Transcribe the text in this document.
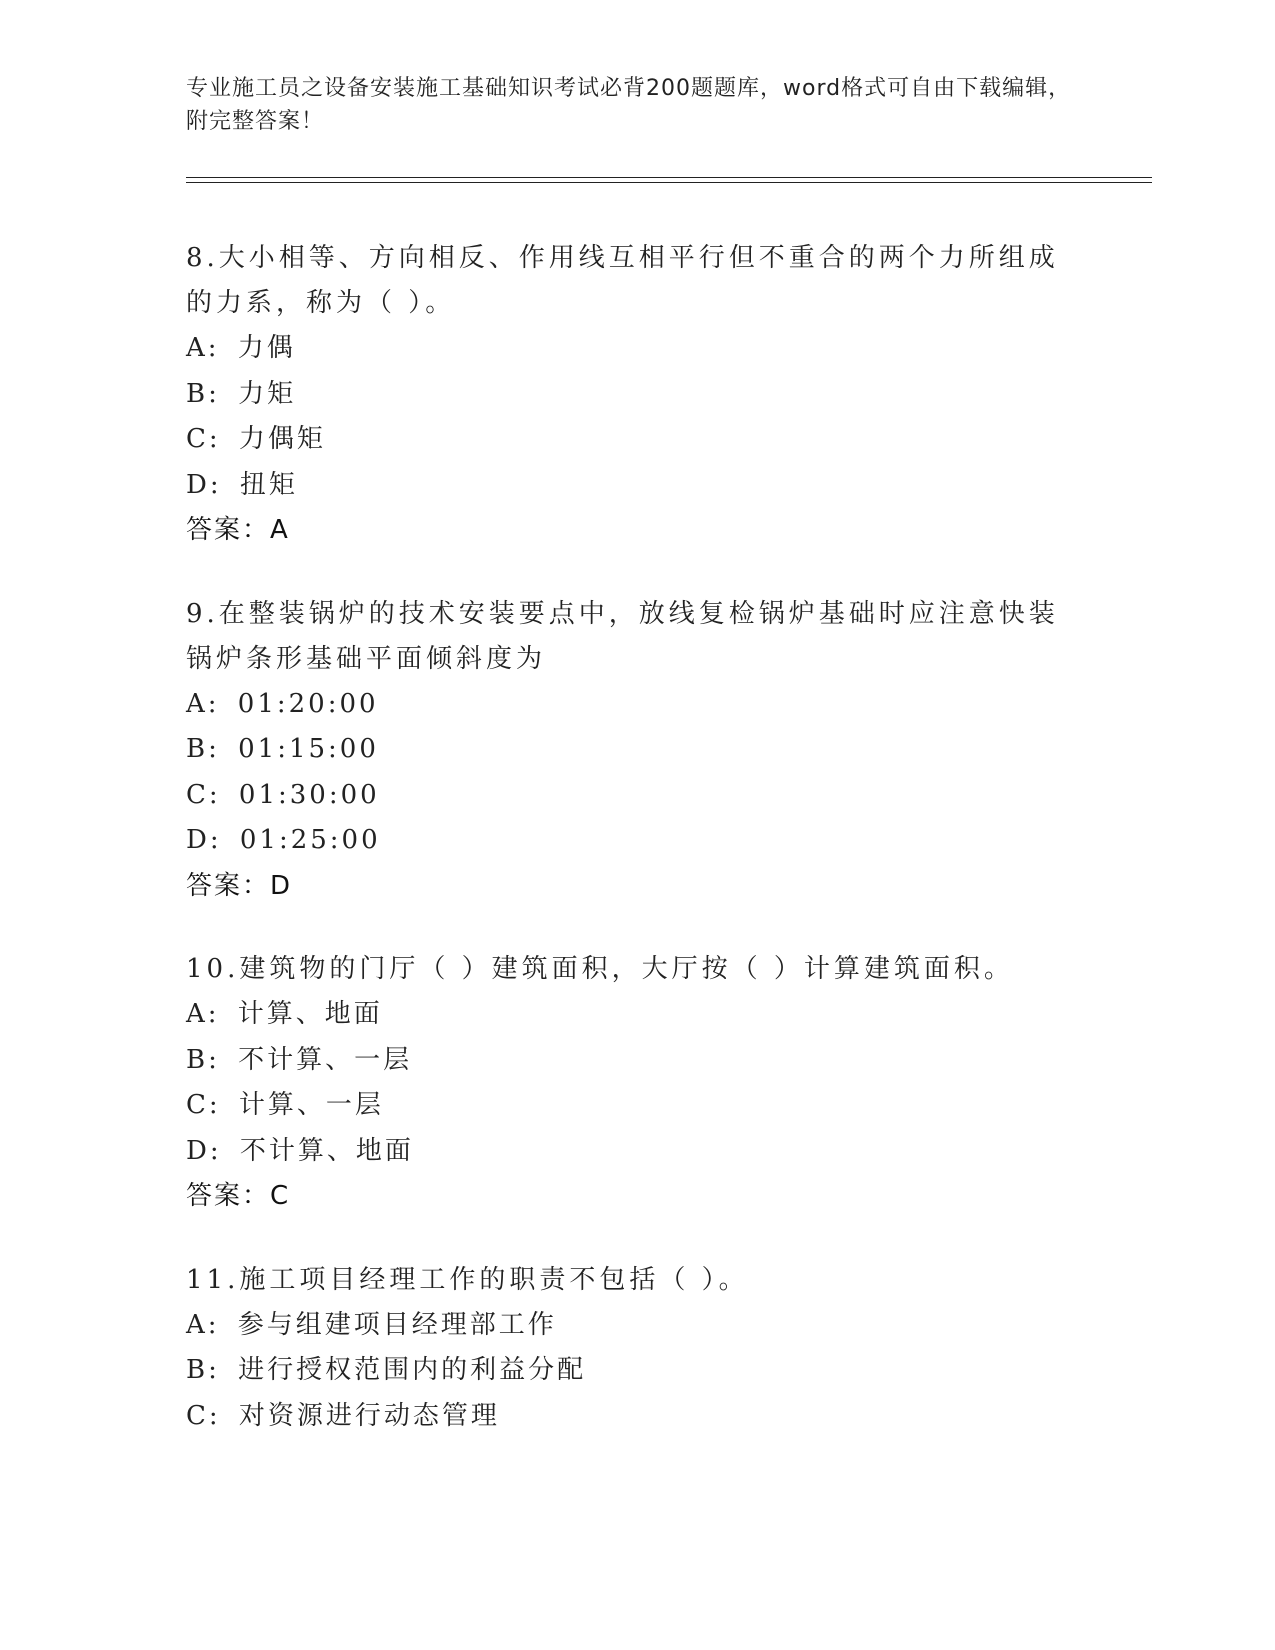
专业施工员之设备安装施工基础知识考试必背200题题库，word格式可自由下载编辑，附完整答案！
8.大小相等、方向相反、作用线互相平行但不重合的两个力所组成的力系，称为（ ）。
A: 力偶
B: 力矩
C: 力偶矩
D: 扭矩
答案：A
9.在整装锅炉的技术安装要点中，放线复检锅炉基础时应注意快装锅炉条形基础平面倾斜度为
A: 01:20:00
B: 01:15:00
C: 01:30:00
D: 01:25:00
答案：D
10.建筑物的门厅（ ）建筑面积，大厅按（ ）计算建筑面积。
A: 计算、地面
B: 不计算、一层
C: 计算、一层
D: 不计算、地面
答案：C
11.施工项目经理工作的职责不包括（ ）。
A: 参与组建项目经理部工作
B: 进行授权范围内的利益分配
C: 对资源进行动态管理
